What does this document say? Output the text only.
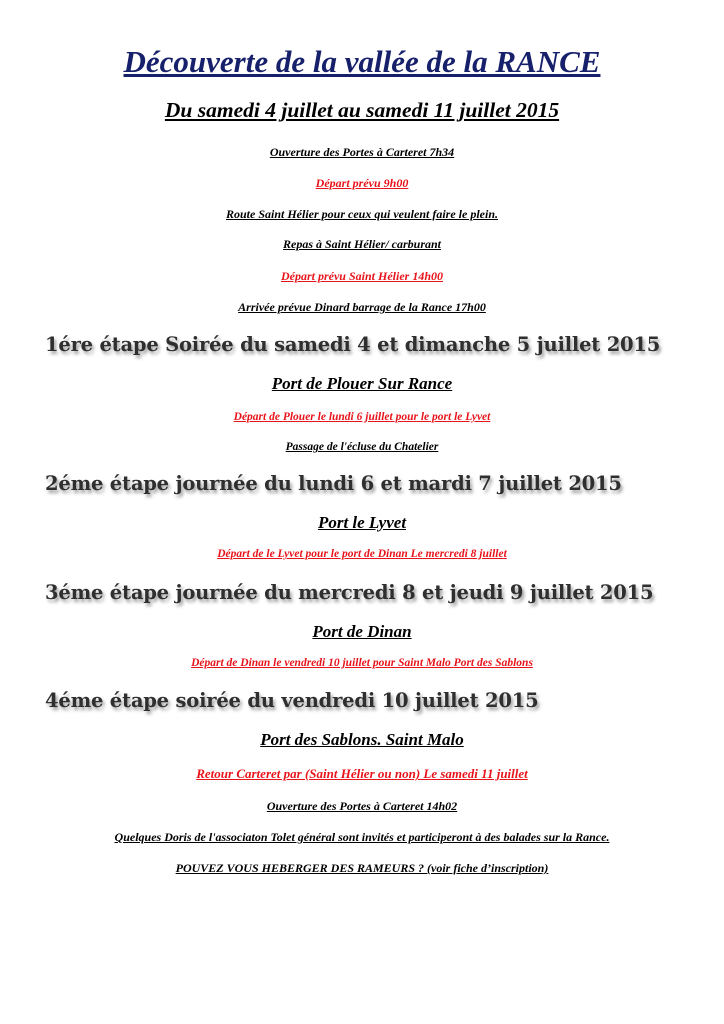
Découverte de la vallée de la RANCE
Du samedi 4 juillet au samedi 11 juillet 2015
Ouverture des Portes à Carteret 7h34
Départ prévu 9h00
Route Saint Hélier pour ceux qui veulent faire le plein.
Repas à Saint Hélier/ carburant
Départ prévu Saint Hélier 14h00
Arrivée prévue Dinard barrage de la Rance 17h00
1ére étape Soirée du samedi 4 et dimanche 5 juillet 2015
Port de Plouer Sur Rance
Départ de Plouer le lundi 6 juillet pour le port le Lyvet
Passage de l'écluse du Chatelier
2éme étape journée du lundi 6 et mardi 7 juillet 2015
Port le Lyvet
Départ de le Lyvet pour le port de Dinan Le mercredi 8 juillet
3éme étape journée du mercredi 8 et jeudi 9 juillet 2015
Port de Dinan
Départ de Dinan le vendredi 10 juillet pour Saint Malo Port des Sablons
4éme étape soirée du vendredi 10 juillet 2015
Port des Sablons. Saint Malo
Retour Carteret par (Saint Hélier ou non) Le samedi 11 juillet
Ouverture des Portes à Carteret 14h02
Quelques Doris de l'associaton Tolet général sont invités et participeront à des balades sur la Rance.
POUVEZ VOUS HEBERGER DES RAMEURS ? (voir fiche d’inscription)
